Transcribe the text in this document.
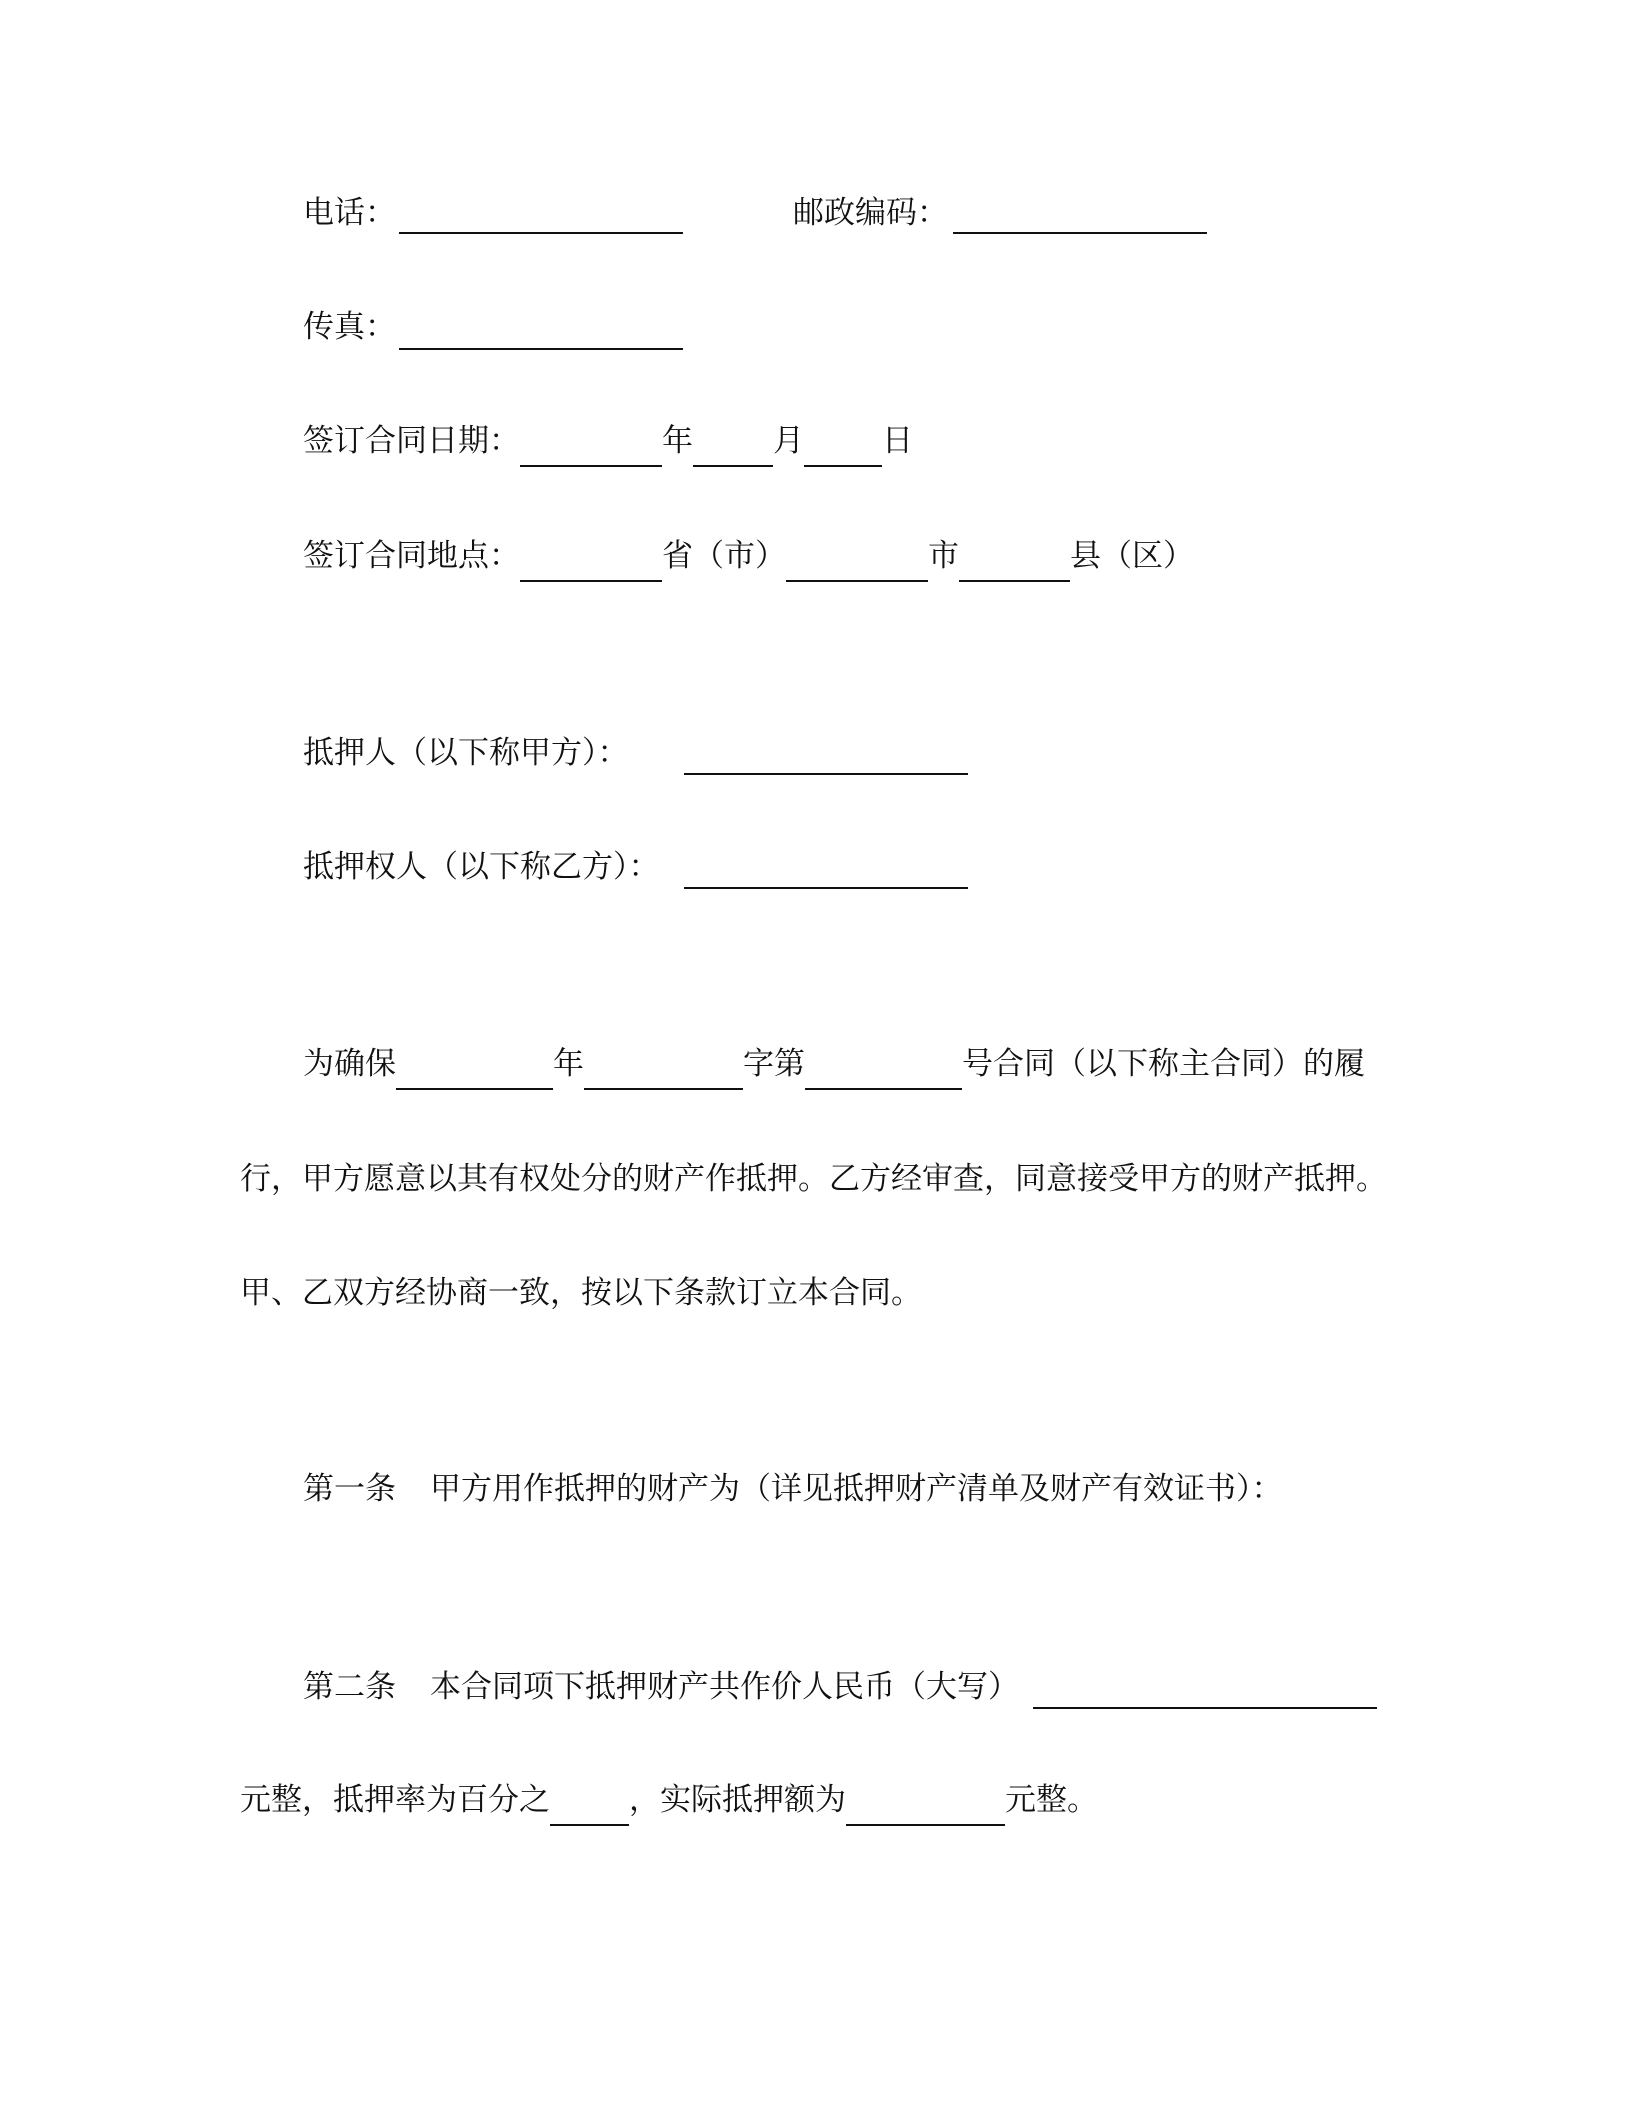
电话：	邮政编码：
传真：
签订合同日期：	年	月	日
签订合同地点：	省（市）	市	县（区）
抵押人（以下称甲方）：
抵押权人（以下称乙方）：
为确保	年	字第	号合同（以下称主合同）的履
行，甲方愿意以其有权处分的财产作抵押。乙方经审查，同意接受甲方的财产抵押。
甲、乙双方经协商一致，按以下条款订立本合同。
第一条 甲方用作抵押的财产为（详见抵押财产清单及财产有效证书）：
第二条 本合同项下抵押财产共作价人民币（大写）
元整，抵押率为百分之	，实际抵押额为	元整。
